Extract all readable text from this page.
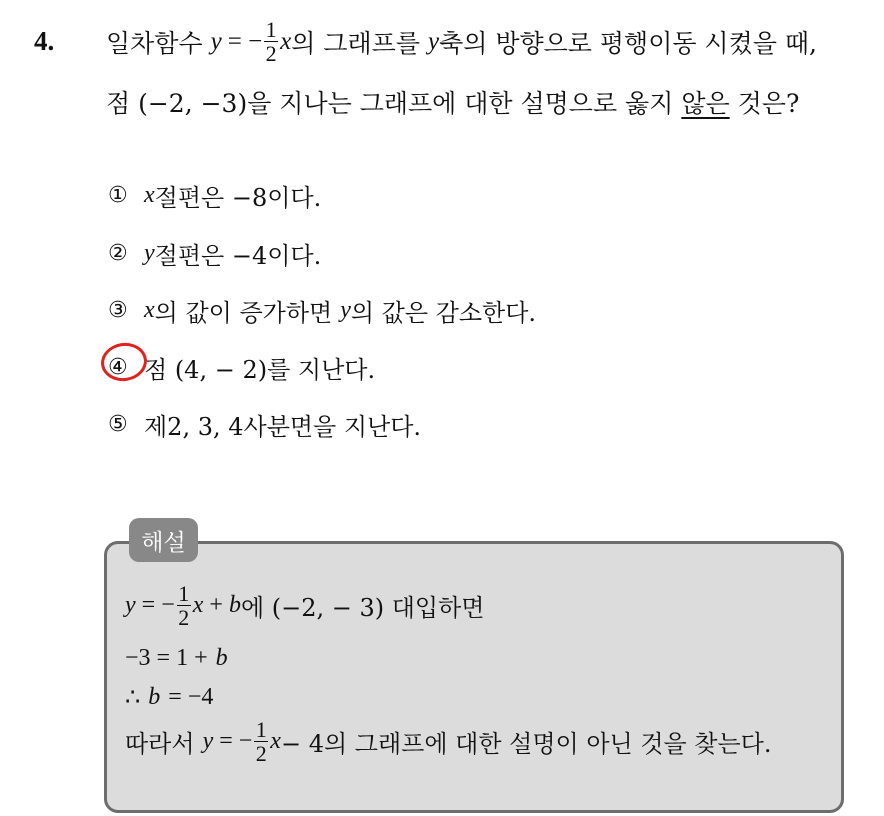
4. 일차함수 y = − $\frac{1}{2}$ x 의 그래프를 y 축의 방향으로 평행이동 시켰을 때,
점 (−2, −3)을 지나는 그래프에 대한 설명으로 옳지 않은 것은?
① x 절편은 −8이다.
② y 절편은 −4이다.
③ x 의 값이 증가하면 y 의 값은 감소한다.
④ 점 (4, − 2)를 지난다.
⑤ 제2, 3, 4사분면을 지난다.
해설
y = − $\frac{1}{2}$ x + b 에 (−2, − 3) 대입하면
−3 = 1 + b
∴ b = −4
따라서 y = − $\frac{1}{2}$ x − 4의 그래프에 대한 설명이 아닌 것을 찾는다.
